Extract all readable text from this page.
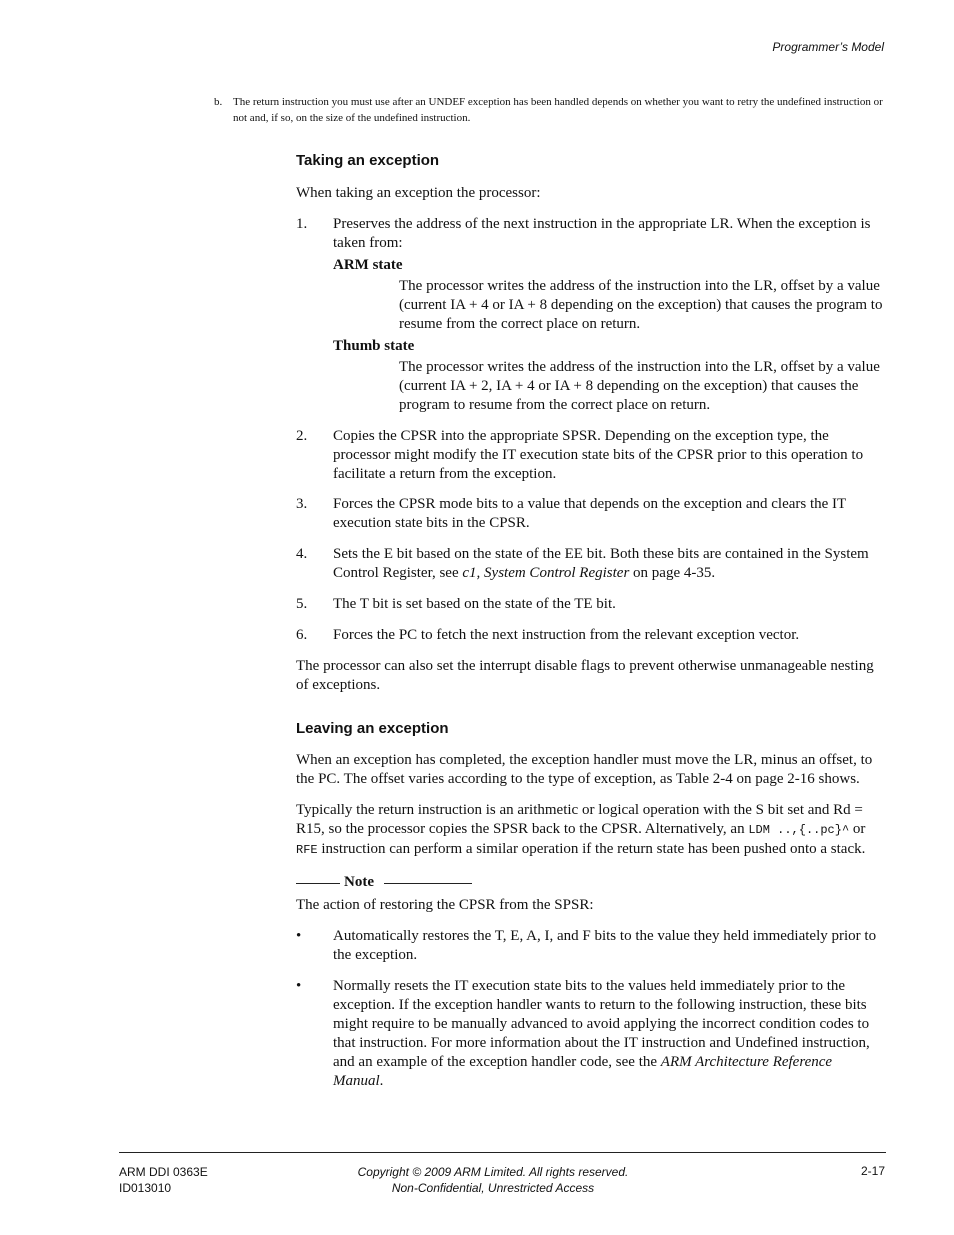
Programmer’s Model
b. The return instruction you must use after an UNDEF exception has been handled depends on whether you want to retry the undefined instruction or not and, if so, on the size of the undefined instruction.
Taking an exception
When taking an exception the processor:
1. Preserves the address of the next instruction in the appropriate LR. When the exception is taken from:
ARM state
The processor writes the address of the instruction into the LR, offset by a value (current IA + 4 or IA + 8 depending on the exception) that causes the program to resume from the correct place on return.
Thumb state
The processor writes the address of the instruction into the LR, offset by a value (current IA + 2, IA + 4 or IA + 8 depending on the exception) that causes the program to resume from the correct place on return.
2. Copies the CPSR into the appropriate SPSR. Depending on the exception type, the processor might modify the IT execution state bits of the CPSR prior to this operation to facilitate a return from the exception.
3. Forces the CPSR mode bits to a value that depends on the exception and clears the IT execution state bits in the CPSR.
4. Sets the E bit based on the state of the EE bit. Both these bits are contained in the System Control Register, see c1, System Control Register on page 4-35.
5. The T bit is set based on the state of the TE bit.
6. Forces the PC to fetch the next instruction from the relevant exception vector.
The processor can also set the interrupt disable flags to prevent otherwise unmanageable nesting of exceptions.
Leaving an exception
When an exception has completed, the exception handler must move the LR, minus an offset, to the PC. The offset varies according to the type of exception, as Table 2-4 on page 2-16 shows.
Typically the return instruction is an arithmetic or logical operation with the S bit set and Rd = R15, so the processor copies the SPSR back to the CPSR. Alternatively, an LDM ..,{..pc}^ or
RFE instruction can perform a similar operation if the return state has been pushed onto a stack.
Note
The action of restoring the CPSR from the SPSR:
• Automatically restores the T, E, A, I, and F bits to the value they held immediately prior to the exception.
• Normally resets the IT execution state bits to the values held immediately prior to the exception. If the exception handler wants to return to the following instruction, these bits might require to be manually advanced to avoid applying the incorrect condition codes to that instruction. For more information about the IT instruction and Undefined instruction, and an example of the exception handler code, see the ARM Architecture Reference Manual.
ARM DDI 0363E
ID013010
Copyright © 2009 ARM Limited. All rights reserved.
Non-Confidential, Unrestricted Access
2-17
